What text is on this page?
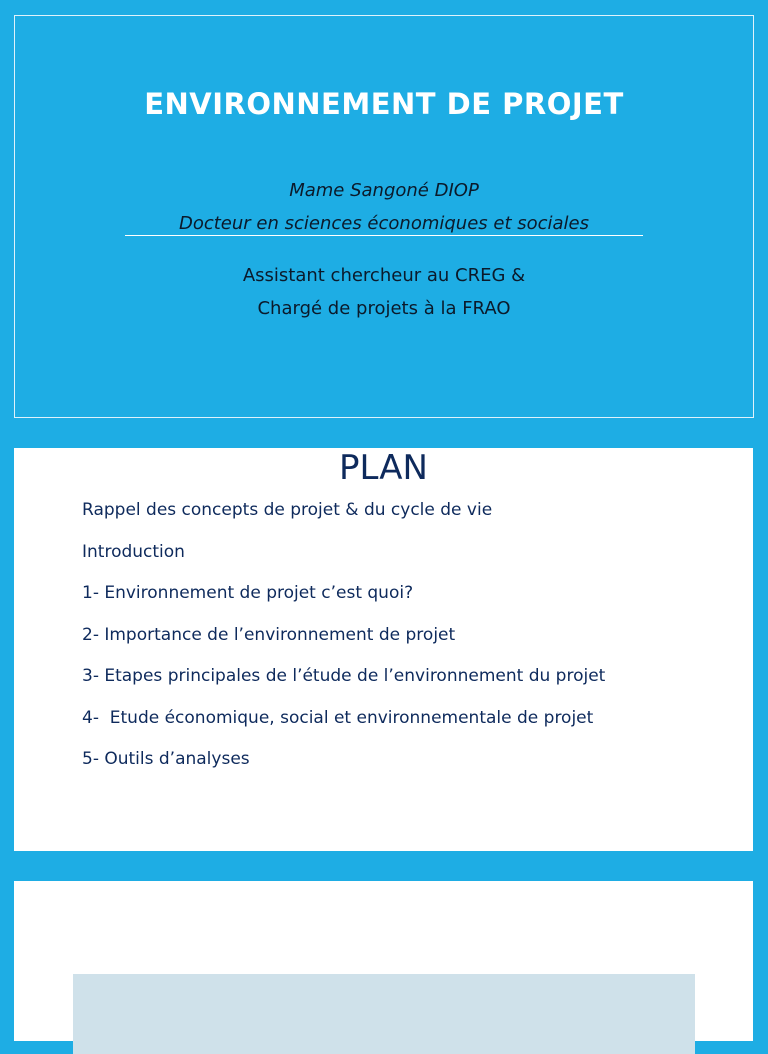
ENVIRONNEMENT DE PROJET
Mame Sangoné DIOP
Docteur en sciences économiques et sociales
Assistant chercheur au CREG &
Chargé de projets à la FRAO
PLAN
Rappel des concepts de projet & du cycle de vie
Introduction
1- Environnement de projet c’est quoi?
2- Importance de l’environnement de projet
3- Etapes principales de l’étude de l’environnement du projet
4-  Etude économique, social et environnementale de projet
5- Outils d’analyses
